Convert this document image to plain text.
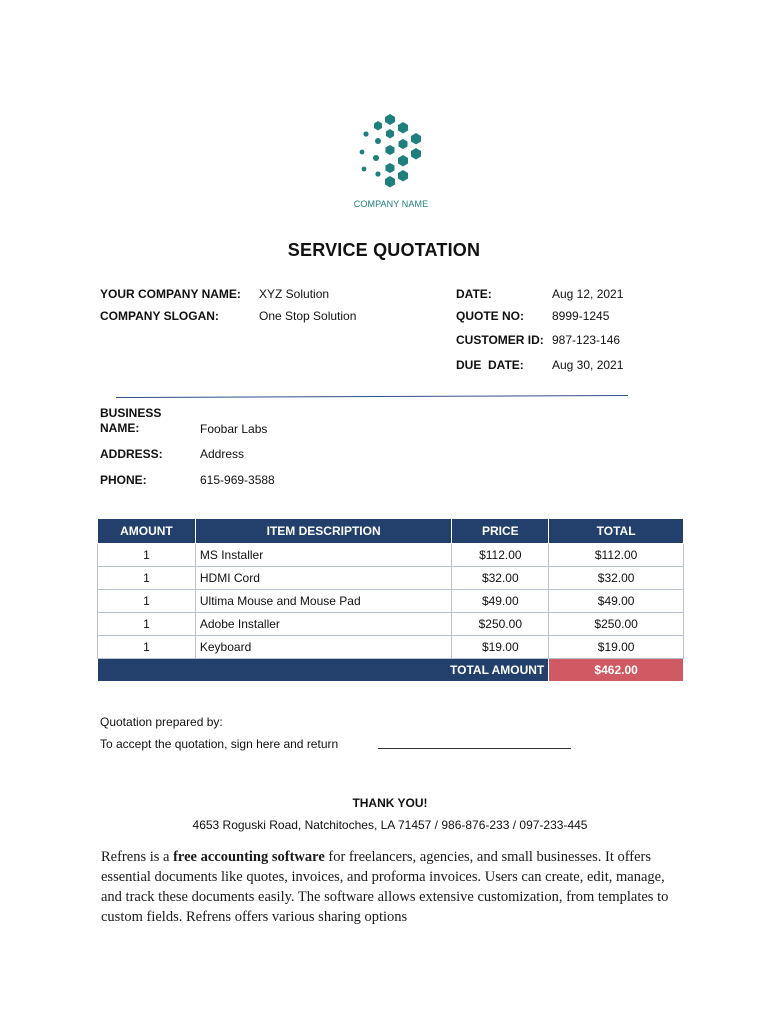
COMPANY NAME
SERVICE QUOTATION
YOUR COMPANY NAME: XYZ Solution
COMPANY SLOGAN:	One Stop Solution
DATE:	Aug 12, 2021
QUOTE NO: 8999-1245
CUSTOMER ID: 987-123-146
DUE  DATE: Aug 30, 2021
BUSINESS
NAME:	Foobar Labs
ADDRESS:	Address
PHONE:	615-969-3588
AMOUNT	ITEM DESCRIPTION	PRICE	TOTAL
1	MS Installer	$112.00	$112.00
1	HDMI Cord	$32.00	$32.00
1	Ultima Mouse and Mouse Pad	$49.00	$49.00
1	Adobe Installer	$250.00	$250.00
1	Keyboard	$19.00	$19.00
TOTAL AMOUNT			$462.00
Quotation prepared by:
To accept the quotation, sign here and return
THANK YOU!
4653 Roguski Road, Natchitoches, LA 71457 / 986-876-233 / 097-233-445
Refrens is a free accounting software for freelancers, agencies, and small businesses. It offers essential documents like quotes, invoices, and proforma invoices. Users can create, edit, manage, and track these documents easily. The software allows extensive customization, from templates to custom fields. Refrens offers various sharing options
